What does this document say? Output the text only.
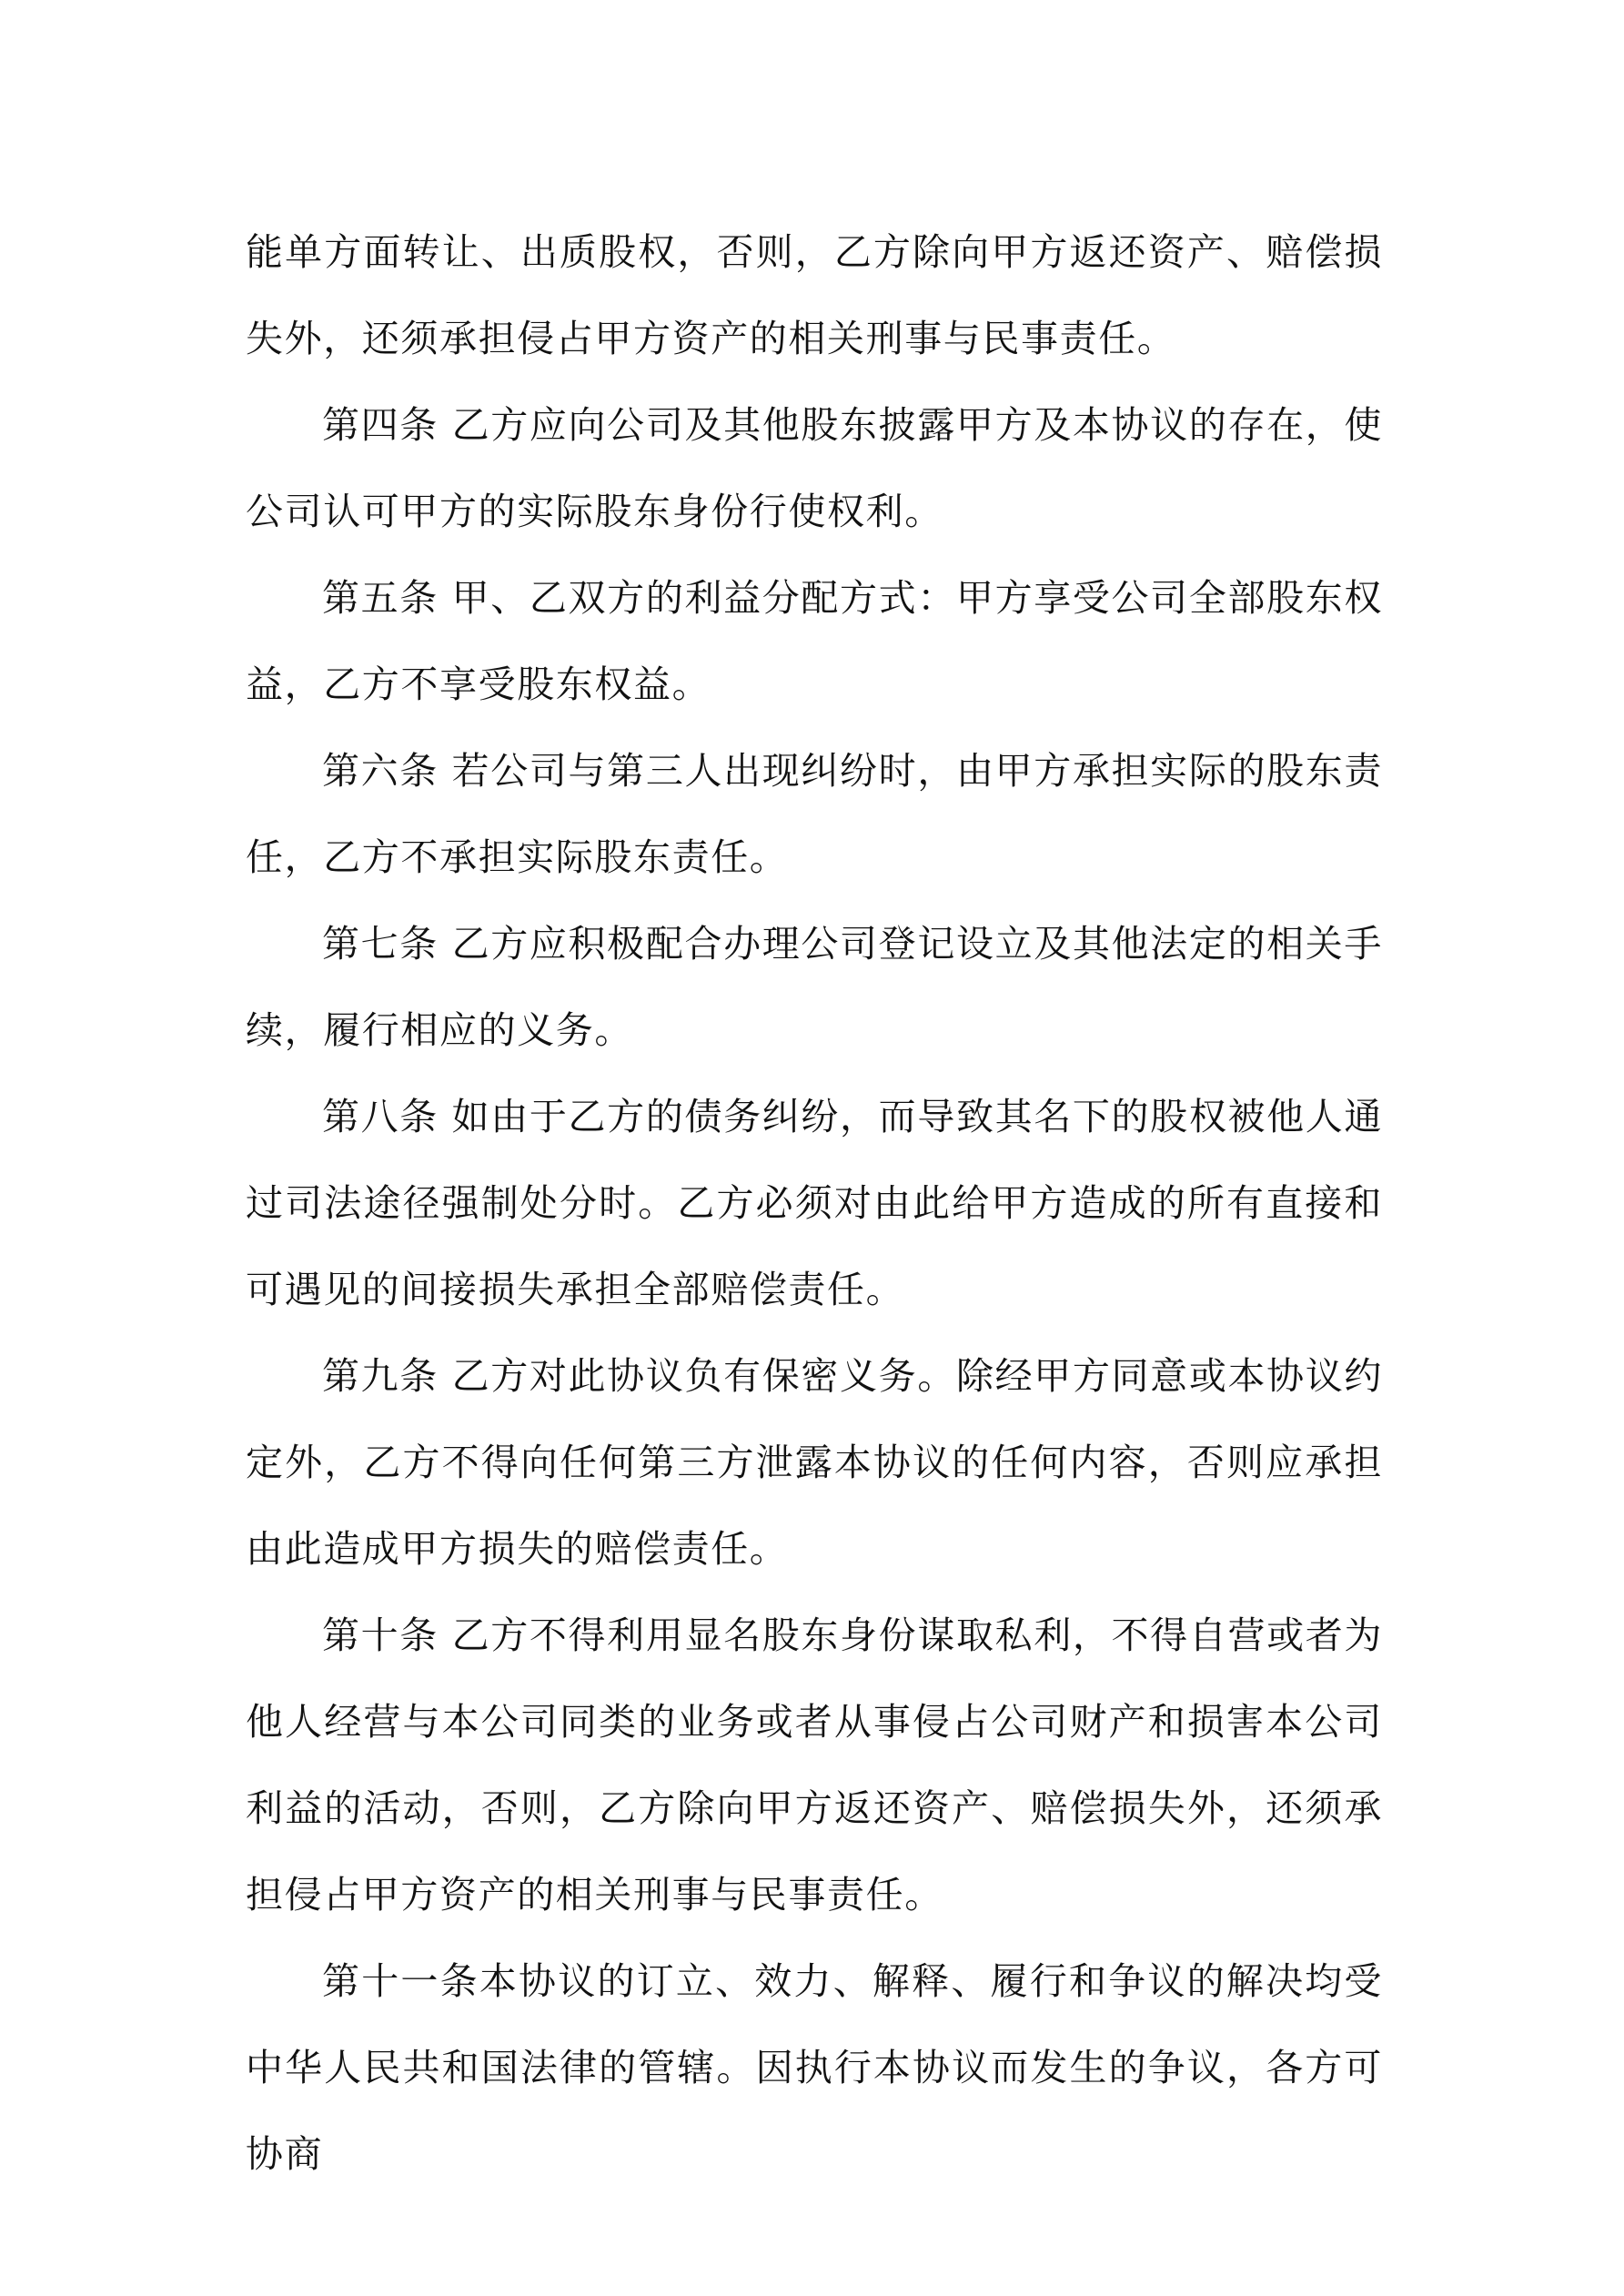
能单方面转让、出质股权，否则，乙方除向甲方返还资产、赔偿损失外，还须承担侵占甲方资产的相关刑事与民事责任。

第四条 乙方应向公司及其他股东披露甲方及本协议的存在，使公司认可甲方的实际股东身份行使权利。

第五条 甲、乙双方的利益分配方式：甲方享受公司全部股东权益，乙方不享受股东权益。

第六条 若公司与第三人出现纠纷时，由甲方承担实际的股东责任，乙方不承担实际股东责任。

第七条 乙方应积极配合办理公司登记设立及其他法定的相关手续，履行相应的义务。

第八条 如由于乙方的债务纠纷，而导致其名下的股权被他人通过司法途径强制处分时。乙方必须对由此给甲方造成的所有直接和可遇见的间接损失承担全部赔偿责任。

第九条 乙方对此协议负有保密义务。除经甲方同意或本协议约定外，乙方不得向任何第三方泄露本协议的任何内容，否则应承担由此造成甲方损失的赔偿责任。

第十条 乙方不得利用显名股东身份谋取私利，不得自营或者为他人经营与本公司同类的业务或者从事侵占公司财产和损害本公司利益的活动，否则，乙方除向甲方返还资产、赔偿损失外，还须承担侵占甲方资产的相关刑事与民事责任。

第十一条本协议的订立、效力、解释、履行和争议的解决均受中华人民共和国法律的管辖。因执行本协议而发生的争议，各方可协商
